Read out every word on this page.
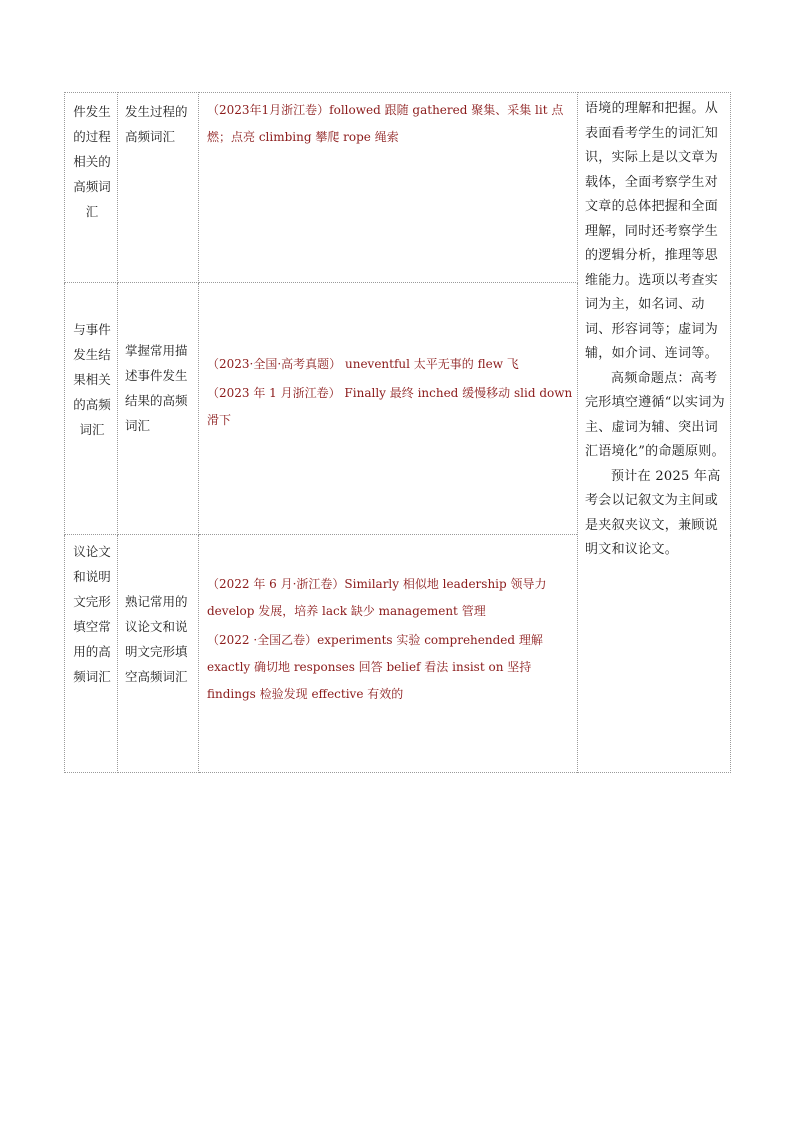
件发生的过程相关的高频词汇	发生过程的高频词汇	（2023年1月浙江卷）followed 跟随 gathered 聚集、采集 lit 点燃；点亮 climbing 攀爬 rope 绳索	语境的理解和把握。从表面看考学生的词汇知识，实际上是以文章为载体，全面考察学生对文章的总体把握和全面理解，同时还考察学生的逻辑分析，推理等思维能力。选项以考查实词为主，如名词、动词、形容词等；虚词为辅，如介词、连词等。

高频命题点：高考完形填空遵循“以实词为主、虚词为辅、突出词汇语境化”的命题原则。

预计在 2025 年高考会以记叙文为主间或是夹叙夹议文，兼顾说明文和议论文。

与事件发生结果相关的高频词汇	掌握常用描述事件发生结果的高频词汇	（2023·全国·高考真题） uneventful 太平无事的 flew 飞

（2023 年 1 月浙江卷） Finally 最终 inched 缓慢移动 slid down 滑下	

议论文和说明文完形填空常用的高频词汇	熟记常用的议论文和说明文完形填空高频词汇	（2022 年 6 月·浙江卷）Similarly 相似地 leadership 领导力 develop 发展，培养 lack 缺少 management 管理

（2022 ·全国乙卷）experiments 实验 comprehended 理解 exactly 确切地 responses 回答 belief 看法 insist on 坚持 findings 检验发现 effective 有效的	
